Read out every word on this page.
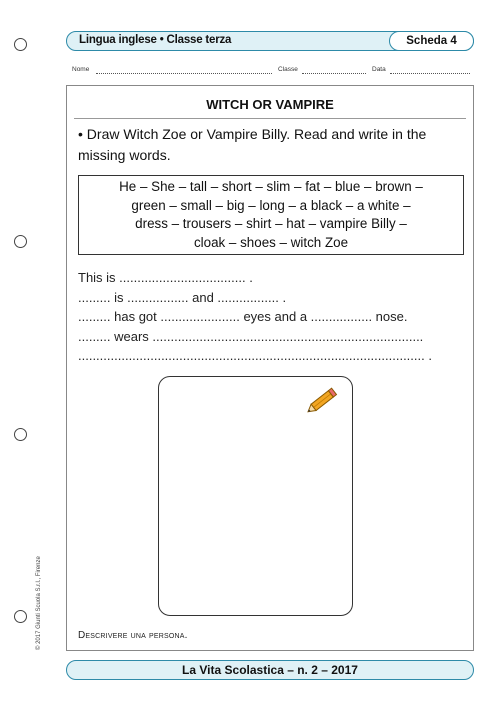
Lingua inglese • Classe terza	Scheda 4
Nome	Classe	Data
WITCH OR VAMPIRE
• Draw Witch Zoe or Vampire Billy. Read and write in the missing words.
He – She – tall – short – slim – fat – blue – brown –
green – small – big – long – a black – a white –
dress – trousers – shirt – hat – vampire Billy –
cloak – shoes – witch Zoe
This is ................................... .
......... is ................. and ................. .
......... has got ...................... eyes and a ................. nose.
......... wears ...........................................................................
................................................................................................ .
Descrivere una persona.
© 2017 Giunti Scuola S.r.l., Firenze
La Vita Scolastica – n. 2 – 2017
